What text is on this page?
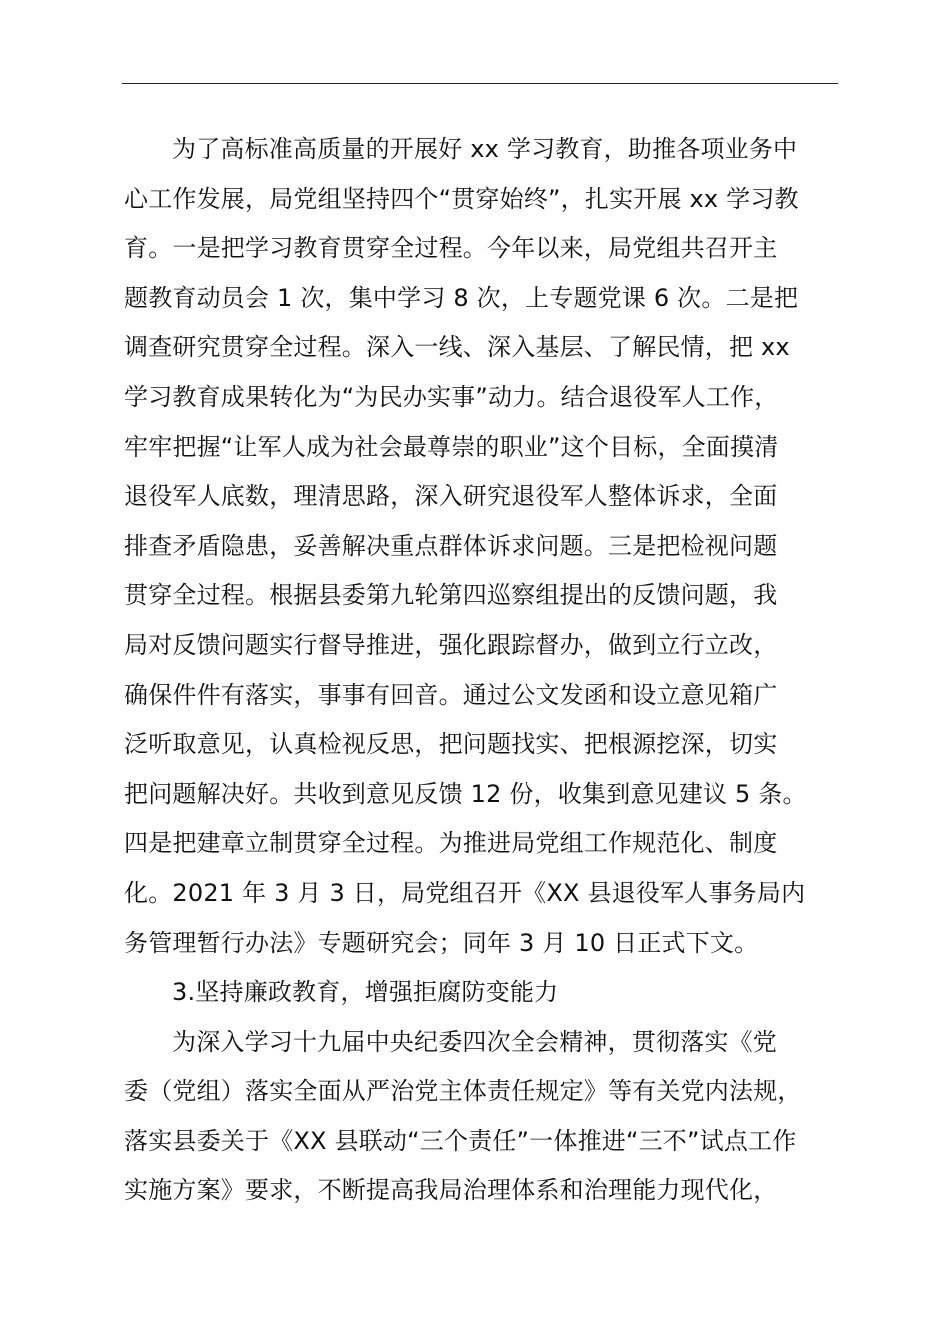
为了高标准高质量的开展好 xx 学习教育，助推各项业务中
心工作发展，局党组坚持四个“贯穿始终”，扎实开展 xx 学习教
育。一是把学习教育贯穿全过程。今年以来，局党组共召开主
题教育动员会 1 次，集中学习 8 次，上专题党课 6 次。二是把
调查研究贯穿全过程。深入一线、深入基层、了解民情，把 xx
学习教育成果转化为“为民办实事”动力。结合退役军人工作，
牢牢把握“让军人成为社会最尊崇的职业”这个目标，全面摸清
退役军人底数，理清思路，深入研究退役军人整体诉求，全面
排查矛盾隐患，妥善解决重点群体诉求问题。三是把检视问题
贯穿全过程。根据县委第九轮第四巡察组提出的反馈问题，我
局对反馈问题实行督导推进，强化跟踪督办，做到立行立改，
确保件件有落实，事事有回音。通过公文发函和设立意见箱广
泛听取意见，认真检视反思，把问题找实、把根源挖深，切实
把问题解决好。共收到意见反馈 12 份，收集到意见建议 5 条。
四是把建章立制贯穿全过程。为推进局党组工作规范化、制度
化。2021 年 3 月 3 日，局党组召开《XX 县退役军人事务局内
务管理暂行办法》专题研究会；同年 3 月 10 日正式下文。
3.坚持廉政教育，增强拒腐防变能力
为深入学习十九届中央纪委四次全会精神，贯彻落实《党
委（党组）落实全面从严治党主体责任规定》等有关党内法规，
落实县委关于《XX 县联动“三个责任”一体推进“三不”试点工作
实施方案》要求，不断提高我局治理体系和治理能力现代化，
